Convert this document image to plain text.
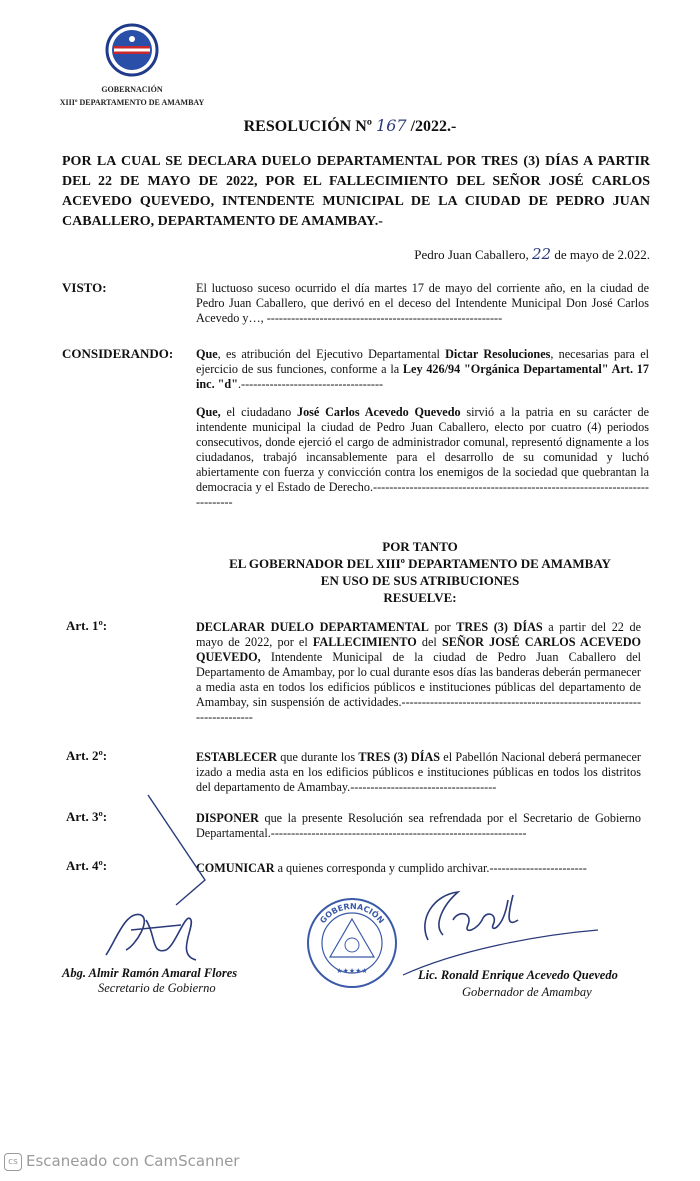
GOBERNACIÓN
XIIIº DEPARTAMENTO DE AMAMBAY
RESOLUCIÓN Nº 167 /2022.-
POR LA CUAL SE DECLARA DUELO DEPARTAMENTAL POR TRES (3) DÍAS A PARTIR DEL 22 DE MAYO DE 2022, POR EL FALLECIMIENTO DEL SEÑOR JOSÉ CARLOS ACEVEDO QUEVEDO, INTENDENTE MUNICIPAL DE LA CIUDAD DE PEDRO JUAN CABALLERO, DEPARTAMENTO DE AMAMBAY.-
Pedro Juan Caballero, 22 de mayo de 2.022.
VISTO:	El luctuoso suceso ocurrido el día martes 17 de mayo del corriente año, en la ciudad de Pedro Juan Caballero, que derivó en el deceso del Intendente Municipal Don José Carlos Acevedo y…, ----------------------------------------------------------
CONSIDERANDO: Que, es atribución del Ejecutivo Departamental Dictar Resoluciones, necesarias para el ejercicio de sus funciones, conforme a la Ley 426/94 "Orgánica Departamental" Art. 17 inc. "d".-----------------------------------
Que, el ciudadano José Carlos Acevedo Quevedo sirvió a la patria en su carácter de intendente municipal la ciudad de Pedro Juan Caballero, electo por cuatro (4) periodos consecutivos, donde ejerció el cargo de administrador comunal, representó dignamente a los ciudadanos, trabajó incansablemente para el desarrollo de su comunidad y luchó abiertamente con fuerza y convicción contra los enemigos de la sociedad que quebrantan la democracia y el Estado de Derecho.-----------------------------------------------------------------------------
POR TANTO
EL GOBERNADOR DEL XIIIº DEPARTAMENTO DE AMAMBAY
EN USO DE SUS ATRIBUCIONES
RESUELVE:
Art. 1º:	DECLARAR DUELO DEPARTAMENTAL por TRES (3) DÍAS a partir del 22 de mayo de 2022, por el FALLECIMIENTO del SEÑOR JOSÉ CARLOS ACEVEDO QUEVEDO, Intendente Municipal de la ciudad de Pedro Juan Caballero del Departamento de Amambay, por lo cual durante esos días las banderas deberán permanecer a media asta en todos los edificios públicos e instituciones públicas del departamento de Amambay, sin suspensión de actividades.-------------------------------------------------------------------------
Art. 2º:	ESTABLECER que durante los TRES (3) DÍAS el Pabellón Nacional deberá permanecer izado a media asta en los edificios públicos e instituciones públicas en todos los distritos del departamento de Amambay.------------------------------------
Art. 3º:	DISPONER que la presente Resolución sea refrendada por el Secretario de Gobierno Departamental.---------------------------------------------------------------
Art. 4º:	COMUNICAR a quienes corresponda y cumplido archivar.------------------------
GOBERNACIÓN
★★★★★
Abg. Almir Ramón Amaral Flores
Secretario de Gobierno
Lic. Ronald Enrique Acevedo Quevedo
Gobernador de Amambay
cs Escaneado con CamScanner
